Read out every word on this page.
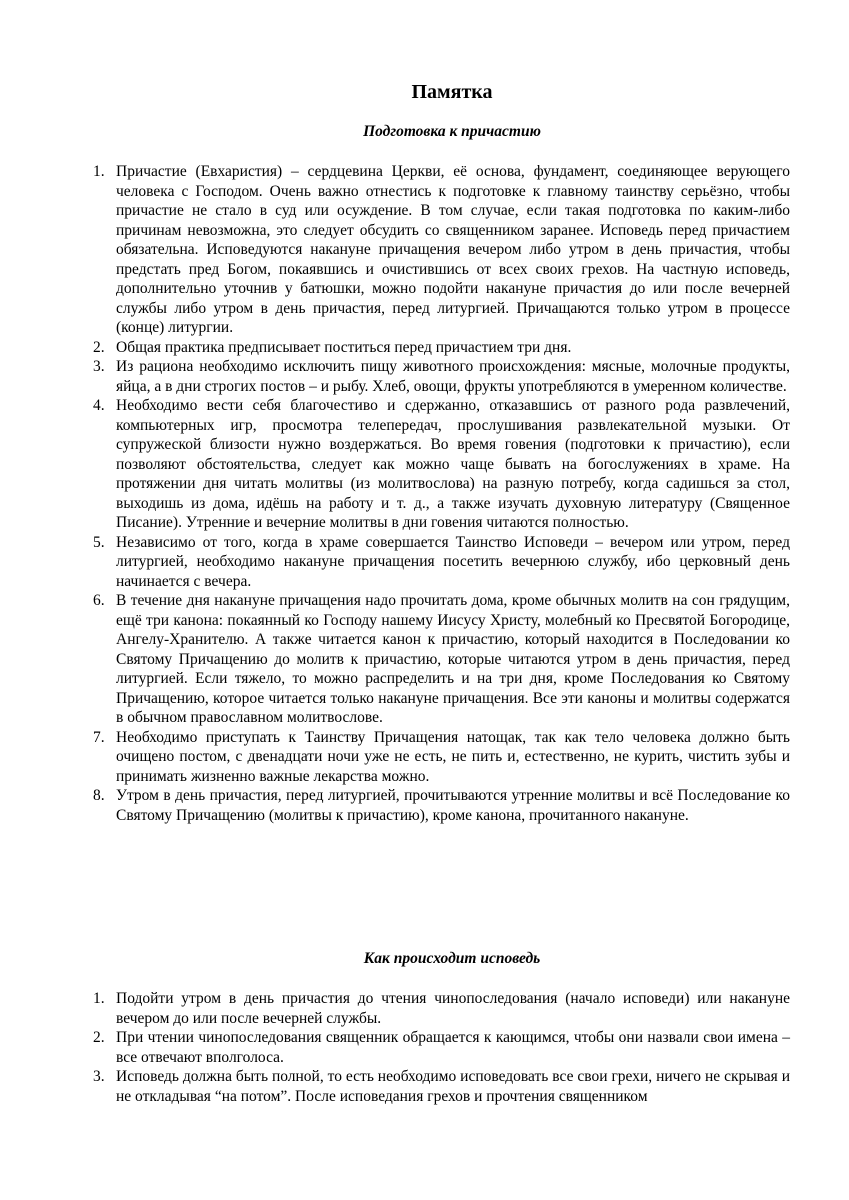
Памятка
Подготовка к причастию
1. Причастие (Евхаристия) – сердцевина Церкви, её основа, фундамент, соединяющее верующего человека с Господом. Очень важно отнестись к подготовке к главному таинству серьёзно, чтобы причастие не стало в суд или осуждение. В том случае, если такая подготовка по каким-либо причинам невозможна, это следует обсудить со священником заранее. Исповедь перед причастием обязательна. Исповедуются накануне причащения вечером либо утром в день причастия, чтобы предстать пред Богом, покаявшись и очистившись от всех своих грехов. На частную исповедь, дополнительно уточнив у батюшки, можно подойти накануне причастия до или после вечерней службы либо утром в день причастия, перед литургией. Причащаются только утром в процессе (конце) литургии.
2. Общая практика предписывает поститься перед причастием три дня.
3. Из рациона необходимо исключить пищу животного происхождения: мясные, молочные продукты, яйца, а в дни строгих постов – и рыбу. Хлеб, овощи, фрукты употребляются в умеренном количестве.
4. Необходимо вести себя благочестиво и сдержанно, отказавшись от разного рода развлечений, компьютерных игр, просмотра телепередач, прослушивания развлекательной музыки. От супружеской близости нужно воздержаться. Во время говения (подготовки к причастию), если позволяют обстоятельства, следует как можно чаще бывать на богослужениях в храме. На протяжении дня читать молитвы (из молитвослова) на разную потребу, когда садишься за стол, выходишь из дома, идёшь на работу и т. д., а также изучать духовную литературу (Священное Писание). Утренние и вечерние молитвы в дни говения читаются полностью.
5. Независимо от того, когда в храме совершается Таинство Исповеди – вечером или утром, перед литургией, необходимо накануне причащения посетить вечернюю службу, ибо церковный день начинается с вечера.
6. В течение дня накануне причащения надо прочитать дома, кроме обычных молитв на сон грядущим, ещё три канона: покаянный ко Господу нашему Иисусу Христу, молебный ко Пресвятой Богородице, Ангелу-Хранителю. А также читается канон к причастию, который находится в Последовании ко Святому Причащению до молитв к причастию, которые читаются утром в день причастия, перед литургией. Если тяжело, то можно распределить и на три дня, кроме Последования ко Святому Причащению, которое читается только накануне причащения. Все эти каноны и молитвы содержатся в обычном православном молитвослове.
7. Необходимо приступать к Таинству Причащения натощак, так как тело человека должно быть очищено постом, с двенадцати ночи уже не есть, не пить и, естественно, не курить, чистить зубы и принимать жизненно важные лекарства можно.
8. Утром в день причастия, перед литургией, прочитываются утренние молитвы и всё Последование ко Святому Причащению (молитвы к причастию), кроме канона, прочитанного накануне.
Как происходит исповедь
1. Подойти утром в день причастия до чтения чинопоследования (начало исповеди) или накануне вечером до или после вечерней службы.
2. При чтении чинопоследования священник обращается к кающимся, чтобы они назвали свои имена – все отвечают вполголоса.
3. Исповедь должна быть полной, то есть необходимо исповедовать все свои грехи, ничего не скрывая и не откладывая “на потом”. После исповедания грехов и прочтения священником
